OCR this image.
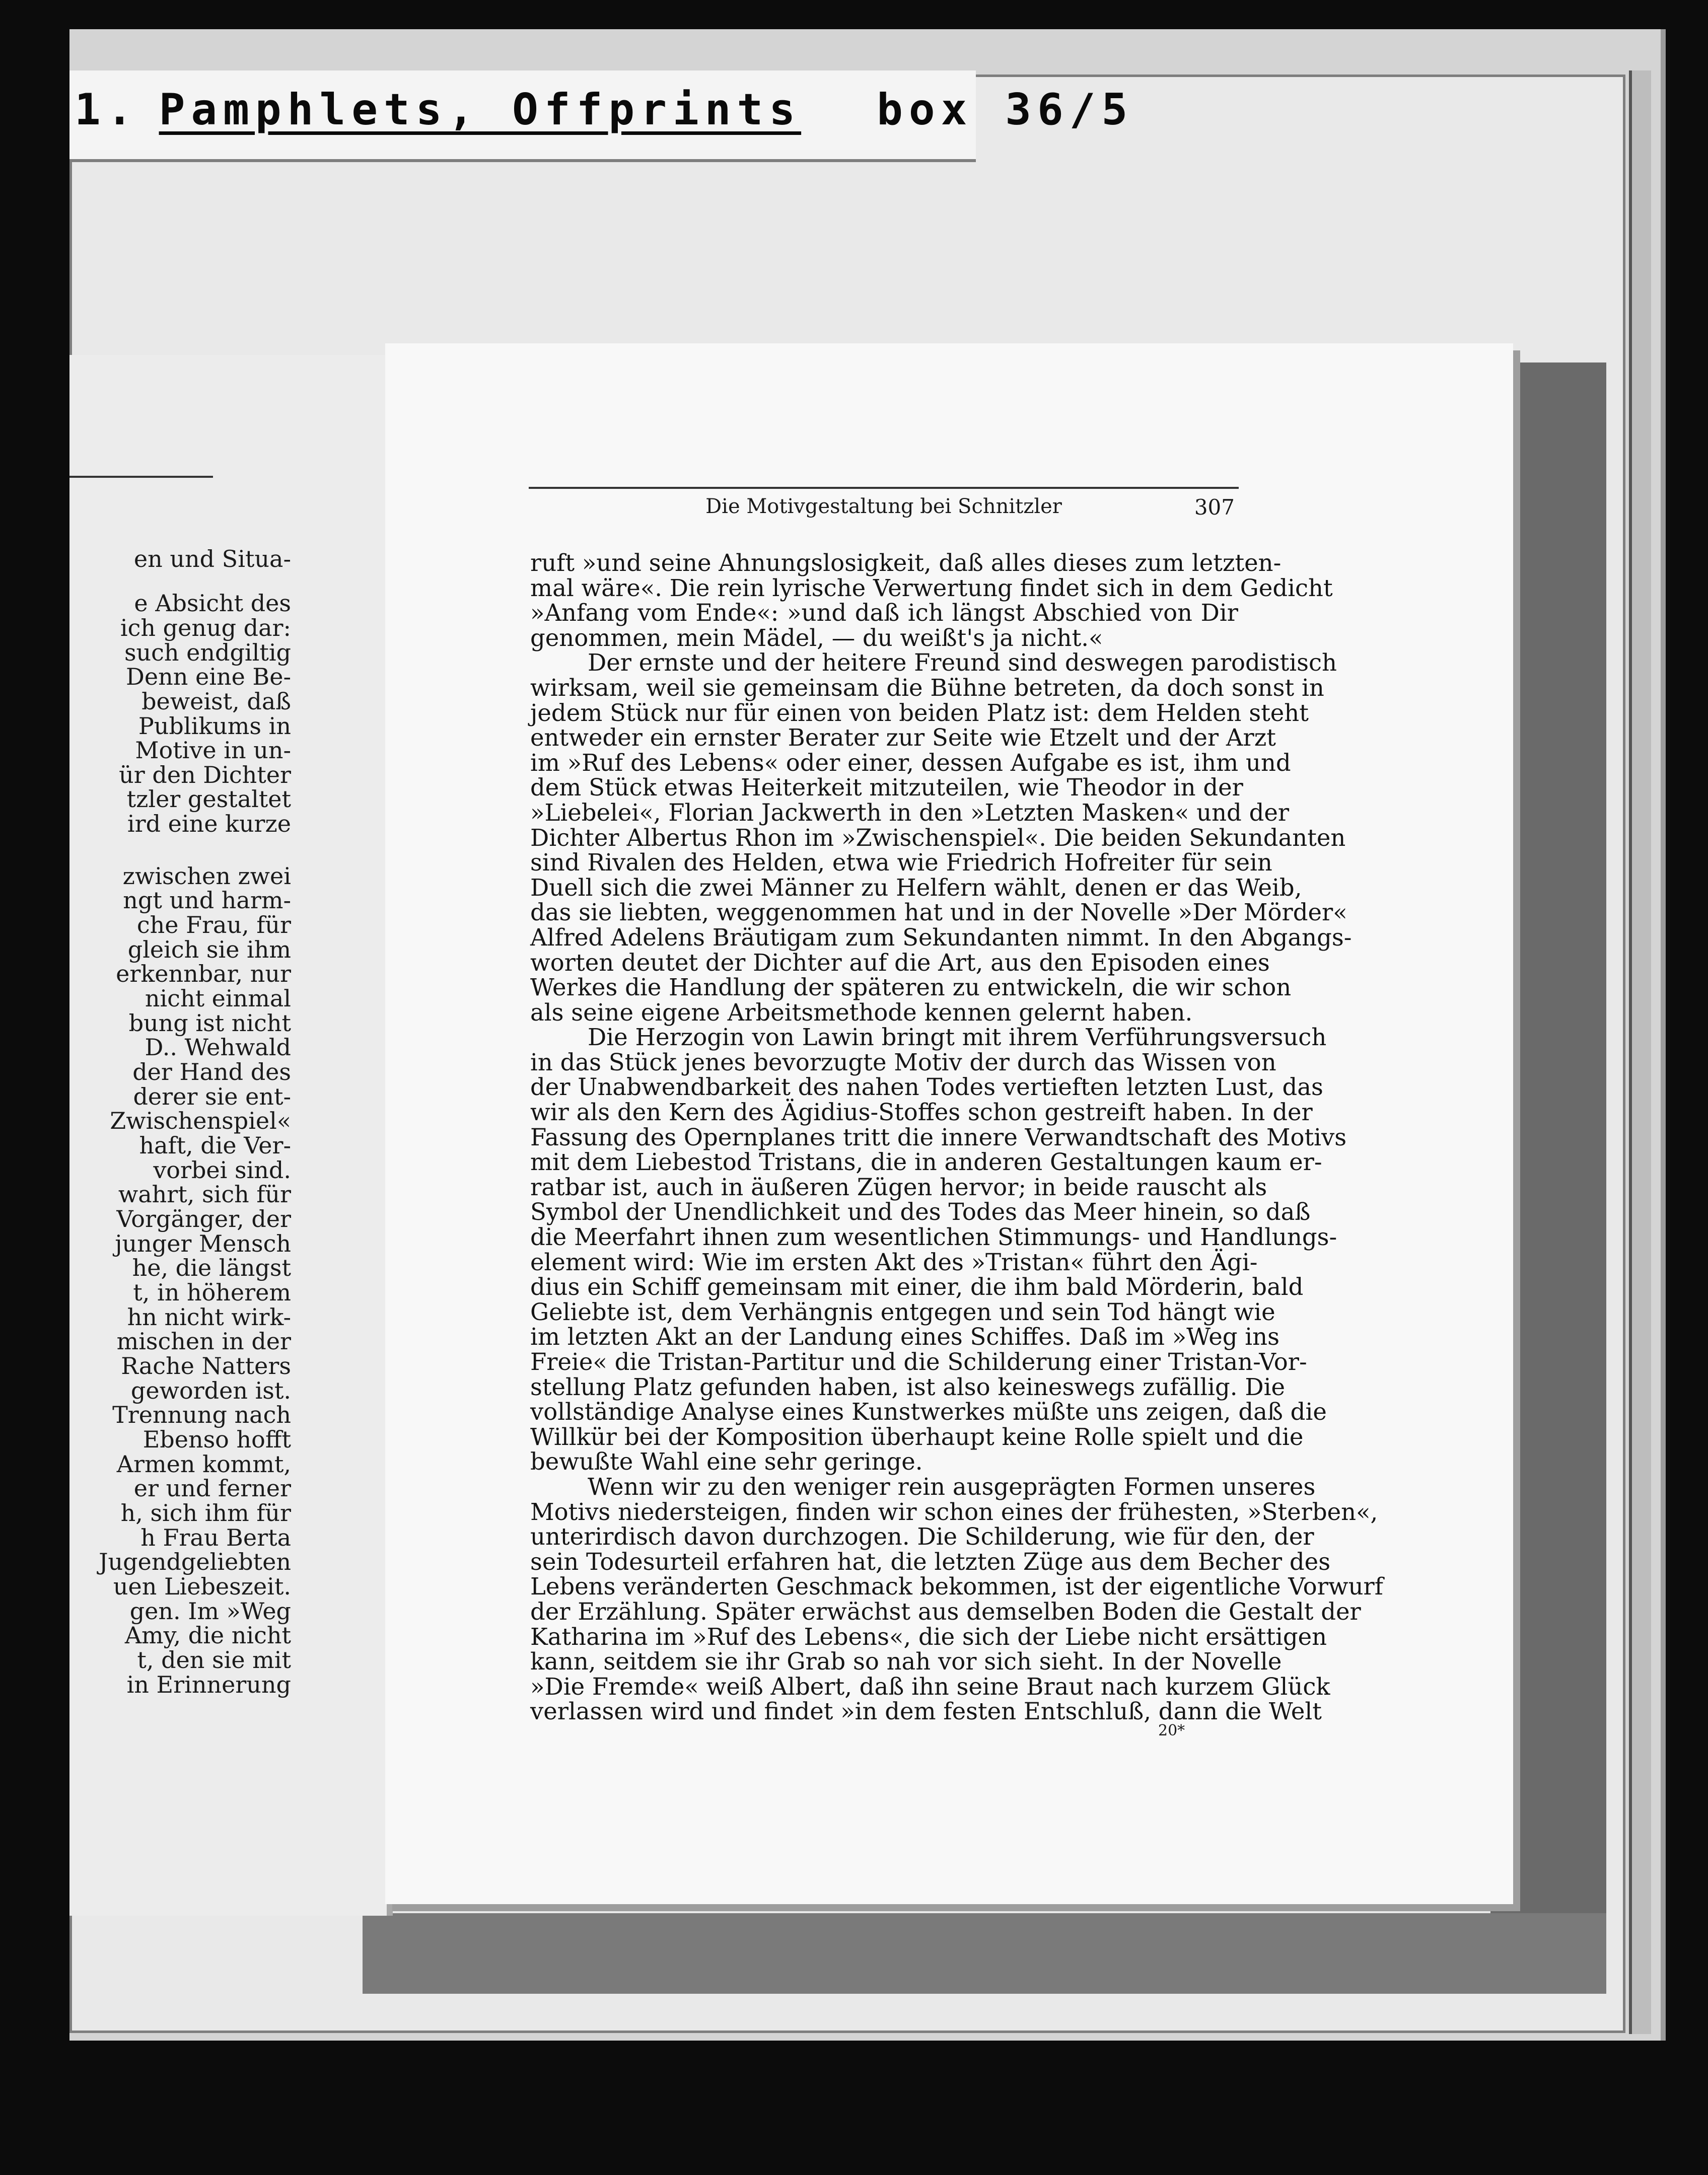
1. Pamphlets, Offprints box 36/5
en und Situa-
e Absicht des
ich genug dar:
such endgiltig
Denn eine Be-
beweist, daß
Publikums in
Motive in un-
ür den Dichter
tzler gestaltet
ird eine kurze
zwischen zwei
ngt und harm-
che Frau, für
gleich sie ihm
erkennbar, nur
nicht einmal
bung ist nicht
D.. Wehwald
der Hand des
derer sie ent-
Zwischenspiel«
haft, die Ver-
vorbei sind.
wahrt, sich für
Vorgänger, der
junger Mensch
he, die längst
t, in höherem
hn nicht wirk-
mischen in der
Rache Natters
geworden ist.
Trennung nach
Ebenso hofft
Armen kommt,
er und ferner
h, sich ihm für
h Frau Berta
Jugendgeliebten
uen Liebeszeit.
gen. Im »Weg
Amy, die nicht
t, den sie mit
in Erinnerung
Die Motivgestaltung bei Schnitzler	307

ruft »und seine Ahnungslosigkeit, daß alles dieses zum letzten-

mal wäre«. Die rein lyrische Verwertung findet sich in dem Gedicht

»Anfang vom Ende«: »und daß ich längst Abschied von Dir

genommen, mein Mädel, — du weißt's ja nicht.«

Der ernste und der heitere Freund sind deswegen parodistisch

wirksam, weil sie gemeinsam die Bühne betreten, da doch sonst in

jedem Stück nur für einen von beiden Platz ist: dem Helden steht

entweder ein ernster Berater zur Seite wie Etzelt und der Arzt

im »Ruf des Lebens« oder einer, dessen Aufgabe es ist, ihm und

dem Stück etwas Heiterkeit mitzuteilen, wie Theodor in der

»Liebelei«, Florian Jackwerth in den »Letzten Masken« und der

Dichter Albertus Rhon im »Zwischenspiel«. Die beiden Sekundanten

sind Rivalen des Helden, etwa wie Friedrich Hofreiter für sein

Duell sich die zwei Männer zu Helfern wählt, denen er das Weib,

das sie liebten, weggenommen hat und in der Novelle »Der Mörder«

Alfred Adelens Bräutigam zum Sekundanten nimmt. In den Abgangs-

worten deutet der Dichter auf die Art, aus den Episoden eines

Werkes die Handlung der späteren zu entwickeln, die wir schon

als seine eigene Arbeitsmethode kennen gelernt haben.

Die Herzogin von Lawin bringt mit ihrem Verführungsversuch

in das Stück jenes bevorzugte Motiv der durch das Wissen von

der Unabwendbarkeit des nahen Todes vertieften letzten Lust, das

wir als den Kern des Ägidius-Stoffes schon gestreift haben. In der

Fassung des Opernplanes tritt die innere Verwandtschaft des Motivs

mit dem Liebestod Tristans, die in anderen Gestaltungen kaum er-

ratbar ist, auch in äußeren Zügen hervor; in beide rauscht als

Symbol der Unendlichkeit und des Todes das Meer hinein, so daß

die Meerfahrt ihnen zum wesentlichen Stimmungs- und Handlungs-

element wird: Wie im ersten Akt des »Tristan« führt den Ägi-

dius ein Schiff gemeinsam mit einer, die ihm bald Mörderin, bald

Geliebte ist, dem Verhängnis entgegen und sein Tod hängt wie

im letzten Akt an der Landung eines Schiffes. Daß im »Weg ins

Freie« die Tristan-Partitur und die Schilderung einer Tristan-Vor-

stellung Platz gefunden haben, ist also keineswegs zufällig. Die

vollständige Analyse eines Kunstwerkes müßte uns zeigen, daß die

Willkür bei der Komposition überhaupt keine Rolle spielt und die

bewußte Wahl eine sehr geringe.

Wenn wir zu den weniger rein ausgeprägten Formen unseres

Motivs niedersteigen, finden wir schon eines der frühesten, »Sterben«,

unterirdisch davon durchzogen. Die Schilderung, wie für den, der

sein Todesurteil erfahren hat, die letzten Züge aus dem Becher des

Lebens veränderten Geschmack bekommen, ist der eigentliche Vorwurf

der Erzählung. Später erwächst aus demselben Boden die Gestalt der

Katharina im »Ruf des Lebens«, die sich der Liebe nicht ersättigen

kann, seitdem sie ihr Grab so nah vor sich sieht. In der Novelle

»Die Fremde« weiß Albert, daß ihn seine Braut nach kurzem Glück

verlassen wird und findet »in dem festen Entschluß, dann die Welt

20*
